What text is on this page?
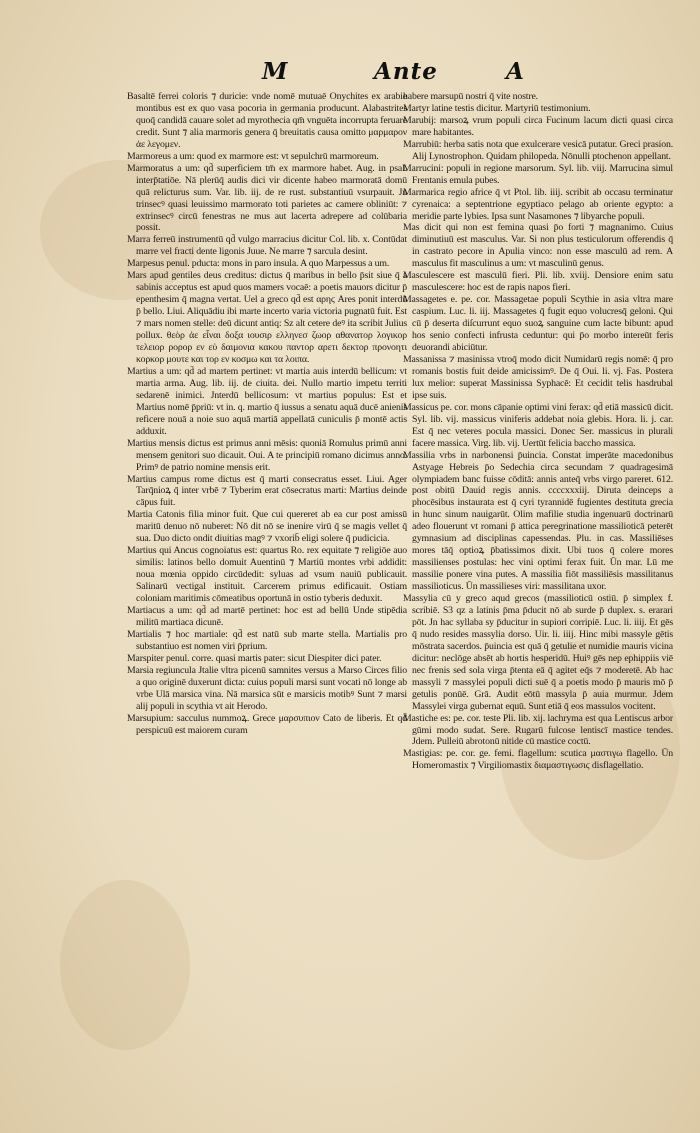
M	Ante	A

Basaltē ferrei coloris ⁊ duricie: vnde nomē mutuaē Onychites ex arabie montibus est ex quo vasa pocoria in germania producunt. Alabastrites quoq̄ candidā cauare solet ad myrothecia qm̄ vnguēta incorrupta feruare credit. Sunt ⁊ alia marmoris genera q̄ breuitatis causa omitto μαρμαρον ἀε λεγομεν.

Marmoreus a um: quod ex marmore est: vt sepulchrū marmoreum.

Marmoratus a um: qd̄ superficiem tm̄ ex marmore habet. Aug. in psal. interp̄tatiōe. Nā plerūq̄ audis dici vir dicente habeo marmoratā domū quā relicturus sum. Var. lib. iij. de re rust. substantiuū vsurpauit. Jn trinsecꝰ quasi leuissimo marmorato toti parietes ac camere obliniūt: ⁊ extrinsecꝰ circū fenestras ne mus aut lacerta adrepere ad colūbaria possit.

Marra ferreū instrumentū qd̄ vulgo marracius dicitur Col. lib. x. Contūdat marre vel fracti dente ligonis Juue. Ne marre ⁊ sarcula desint.

Marpesus penul. pducta: mons in paro insula. A quo Marpessus a um.

Mars apud gentiles deus creditus: dictus q̄ maribus in bello p̄sit siue q̄ a sabinis acceptus est apud quos mamers vocaē: a poetis mauors dicitur p̄ epenthesim q̄ magna vertat. Uel a greco qd̄ est αρηϛ Ares ponit interdū p̄ bello. Liui. Aliquādiu ibi marte incerto varia victoria pugnatū fuit. Est ⁊ mars nomen stelle: deū dicunt antiq: Sz alt cetere deꝰ ita scribit Julius pollux. θεὸρ ἀε εἶναι δοξα ιουσιρ ελληνεσ ζωορ αθανατορ λογικορ τελειορ ρορορ εν εὐ δαιμονια κακου παντορ αρετι δεκτορ προνοητι κορκορ μουτε και τορ εν κοσμω και τα λοιπα.

Martius a um: qd̄ ad martem pertinet: vt martia auis interdū bellicum: vt martia arma. Aug. lib. iij. de ciuita. dei. Nullo martio impetu territi sedarenē inimici. Jnterdū bellicosum: vt martius populus: Est et Martius nomē p̄priū: vt in. q. martio q̄ iussus a senatu aquā ducē anienis reficere nouā a noie suo aquā martiā appellatā cuniculis p̄ montē actis adduxit.

Martius mensis dictus est primus anni mēsis: quoniā Romulus primū anni mensem genitori suo dicauit. Oui. A te principiū romano dicimus anno. Primꝰ de patrio nomine mensis erit.

Martius campus rome dictus est q̄ marti consecratus esset. Liui. Ager Tarq̄nioꝝ q̄ inter vrbē ⁊ Tyberim erat cōsecratus marti: Martius deinde cāpus fuit.

Martia Catonis filia minor fuit. Que cui quereret ab ea cur post amissū maritū denuo nō nuberet: Nō dit nō se inenire virū q̄ se magis vellet q̄ sua. Duo dicto ondit diuitias magꝰ ⁊ vxorib̄ eligi solere q̄ pudicicia.

Martius qui Ancus cognoiatus est: quartus Ro. rex equitate ⁊ religiōe auo similis: latinos bello domuit Auentinū ⁊ Martiū montes vrbi addidit: noua mœnia oppido circūdedit: syluas ad vsum nauiū publicauit. Salinarū vectigal instituit. Carcerem primus edificauit. Ostiam coloniam maritimis cōmeatibus oportunā in ostio tyberis deduxit.

Martiacus a um: qd̄ ad martē pertinet: hoc est ad bellū Unde stipēdia militū martiaca dicunē.

Martialis ⁊ hoc martiale: qd̄ est natū sub marte stella. Martialis pro substantiuo est nomen viri p̄prium.

Marspiter penul. corre. quasi martis pater: sicut Diespiter dici pater.

Marsia regiuncula Jtalie vltra picenū samnites versus a Marso Circes filio a quo originē duxerunt dicta: cuius populi marsi sunt vocati nō longe ab vrbe Ulā marsica vina. Nā marsica sūt e marsicis motibꝰ Sunt ⁊ marsi alij populi in scythia vt ait Herodo.

Marsupium: sacculus nummoꝝ. Grece μαρσυπιον Cato de liberis. Et qd̄ perspicuū est maiorem curam

habere marsupū nostri q̄ vite nostre.

Martyr latine testis dicitur. Martyriū testimonium.

Marubij: marsoꝝ vrum populi circa Fucinum lacum dicti quasi circa mare habitantes.

Marrubiū: herba satis nota que exulcerare vesicā putatur. Greci prasion. Alij Lynostrophon. Quidam philopeda. Nōnulli ptochenon appellant.

Marrucini: populi in regione marsorum. Syl. lib. viij. Marrucina simul Frentanis emula pubes.

Marmarica regio africe q̄ vt Ptol. lib. iiij. scribit ab occasu terminatur cyrenaica: a septentrione egyptiaco pelago ab oriente egypto: a meridie parte lybies. Ipsa sunt Nasamones ⁊ libyarche populi.

Mas dicit qui non est femina quasi p̄o forti ⁊ magnanimo. Cuius diminutiuū est masculus. Var. Si non plus testiculorum offerendis q̄ in castrato pecore in Apulia vinco: non esse masculū ad rem. A masculus fit masculinus a um: vt masculinū genus.

Masculescere est masculū fieri. Pli. lib. xviij. Densiore enim satu masculescere: hoc est de rapis napos fieri.

Massagetes e. pe. cor. Massagetae populi Scythie in asia vltra mare caspium. Luc. li. iij. Massagetes q̄ fugit equo volucresq̄ geloni. Qui cū p̄ deserta diſcurrunt equo suoꝝ sanguine cum lacte bibunt: apud hos senio confecti infrusta ceduntur: qui p̄o morbo intereūt feris deuorandi abiciūtur.

Massanissa ⁊ masinissa vtroq̄ modo dicit Numidarū regis nomē: q̄ pro romanis bostis fuit deide amicissimꝰ. De q̄ Oui. li. vj. Fas. Postera lux melior: superat Massinissa Syphacē: Et cecidit telis hasdrubal ipse suis.

Massicus pe. cor. mons cāpanie optimi vini ferax: qd̄ etiā massicū dicit. Syl. lib. vij. massicus viniferis addebat noia glebis. Hora. li. j. car. Est q̄ nec veteres pocula massici. Donec Ser. massicus in plurali facere massica. Virg. lib. vij. Uertūt felicia baccho massica.

Massilia vrbs in narbonensi p̄uincia. Constat imperāte macedonibus Astyage Hebreis p̄o Sedechia circa secundam ⁊ quadragesimā olympiadem banc fuisse cōditā: annis anteq̄ vrbs virgo pareret. 612. post obitū Dauid regis annis. ccccxxxiij. Diruta deinceps a phocēsibus instaurata est q̄ cyri tyrannidē fugientes destituta grecia in hunc sinum nauigarūt. Olim mafilie studia ingenuarū doctrinarū adeo flouerunt vt romani p̄ attica peregrinatione massilioticā peterēt gymnasium ad disciplinas capessendas. Plu. in cas. Massiliēses mores tāq̄ optioꝝ p̄batissimos dixit. Ubi tuos q̄ colere mores massilienses postulas: hec vini optimi ferax fuit. Ūn mar. Lū me massilie ponere vina putes. A massilia fiōt massiliēsis massilitanus massilioticus. Ūn massilieses viri: massilitana uxor.

Massylia cū y greco aqud grecos (massilioticū ostiū. p̄ simplex f. scribiē. S3 qz a latinis p̄ma p̄ducit nō ab surde p̄ duplex. s. erarari pōt. Jn hac syllaba sy p̄ducitur in supiori corripiē. Luc. li. iiij. Et gēs q̄ nudo resides massylia dorso. Uir. li. iiij. Hinc mibi massyle gētis mōstrata sacerdos. p̄uincia est quā q̄ getulie et numidie mauris vicina dicitur: neclōge absēt ab hortis hesperidū. Huiꝰ gēs nep ephippiis viē nec frenis sed sola virga p̄tenta eā q̄ agitet eq̄s ⁊ moderetē. Ab hac massyli ⁊ massylei populi dicti suē q̄ a poetis modo p̄ mauris mō p̄ getulis ponūē. Grā. Audit eōtū massyla p̄ auia murmur. Jdem Massylei virga gubernat equū. Sunt etiā q̄ eos massulos vocitent.

Mastiche es: pe. cor. teste Pli. lib. xij. lachryma est qua Lentiscus arbor gūmi modo sudat. Sere. Rugarū fulcose lentiscī mastice tendes. Jdem. Pulleiū abrotonū nitide cū mastice coctū.

Mastigias: pe. cor. ge. femi. flagellum: scutica μαστιγω flagello. Ūn Homeromastix ⁊ Virgiliomastix διαμαστιγωσιϛ disflagellatio.
